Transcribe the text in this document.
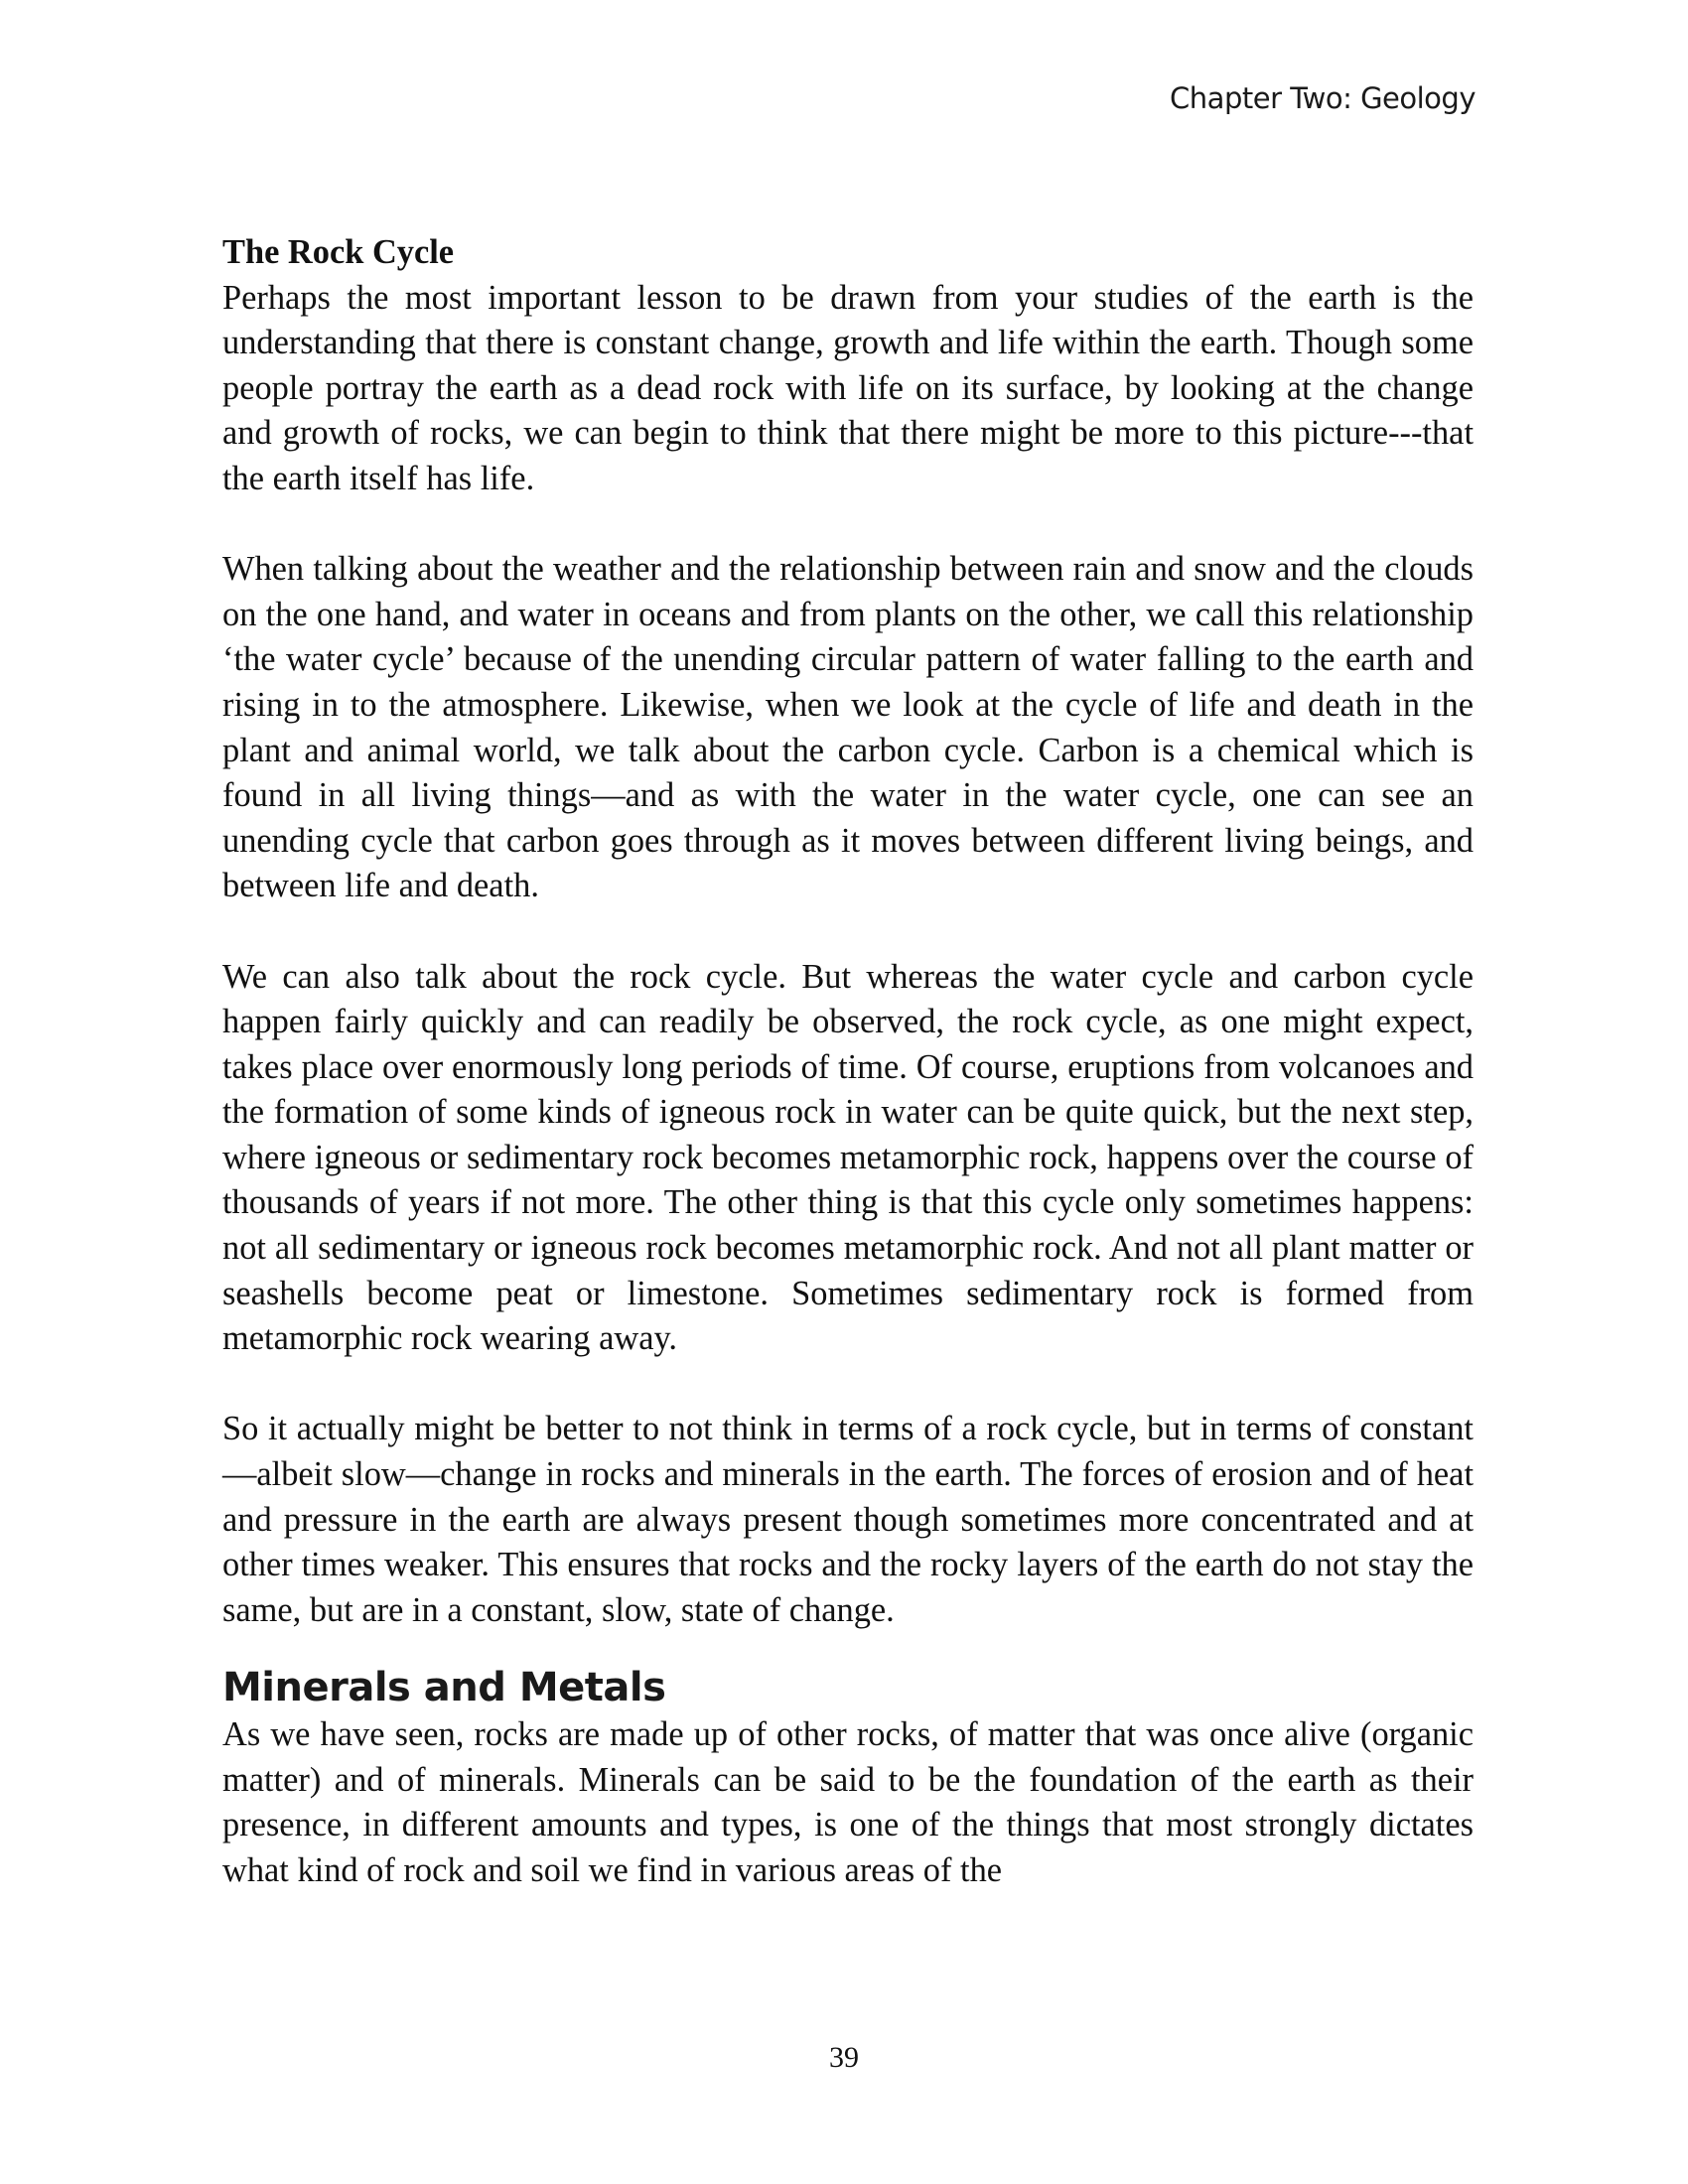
Chapter Two: Geology

The Rock Cycle
Perhaps the most important lesson to be drawn from your studies of the earth is the understanding that there is constant change, growth and life within the earth. Though some people portray the earth as a dead rock with life on its surface, by looking at the change and growth of rocks, we can begin to think that there might be more to this picture---that the earth itself has life.

When talking about the weather and the relationship between rain and snow and the clouds on the one hand, and water in oceans and from plants on the other, we call this relationship ‘the water cycle’ because of the unending circular pattern of water falling to the earth and rising in to the atmosphere. Likewise, when we look at the cycle of life and death in the plant and animal world, we talk about the carbon cycle. Carbon is a chemical which is found in all living things—and as with the water in the water cycle, one can see an unending cycle that carbon goes through as it moves between different living beings, and between life and death.

We can also talk about the rock cycle. But whereas the water cycle and carbon cycle happen fairly quickly and can readily be observed, the rock cycle, as one might expect, takes place over enormously long periods of time. Of course, eruptions from volcanoes and the formation of some kinds of igneous rock in water can be quite quick, but the next step, where igneous or sedimentary rock becomes metamorphic rock, happens over the course of thousands of years if not more. The other thing is that this cycle only sometimes happens: not all sedimentary or igneous rock becomes metamorphic rock. And not all plant matter or seashells become peat or limestone. Sometimes sedimentary rock is formed from metamorphic rock wearing away.

So it actually might be better to not think in terms of a rock cycle, but in terms of constant—albeit slow—change in rocks and minerals in the earth. The forces of erosion and of heat and pressure in the earth are always present though sometimes more concentrated and at other times weaker. This ensures that rocks and the rocky layers of the earth do not stay the same, but are in a constant, slow, state of change.

Minerals and Metals

As we have seen, rocks are made up of other rocks, of matter that was once alive (organic matter) and of minerals. Minerals can be said to be the foundation of the earth as their presence, in different amounts and types, is one of the things that most strongly dictates what kind of rock and soil we find in various areas of the

39
